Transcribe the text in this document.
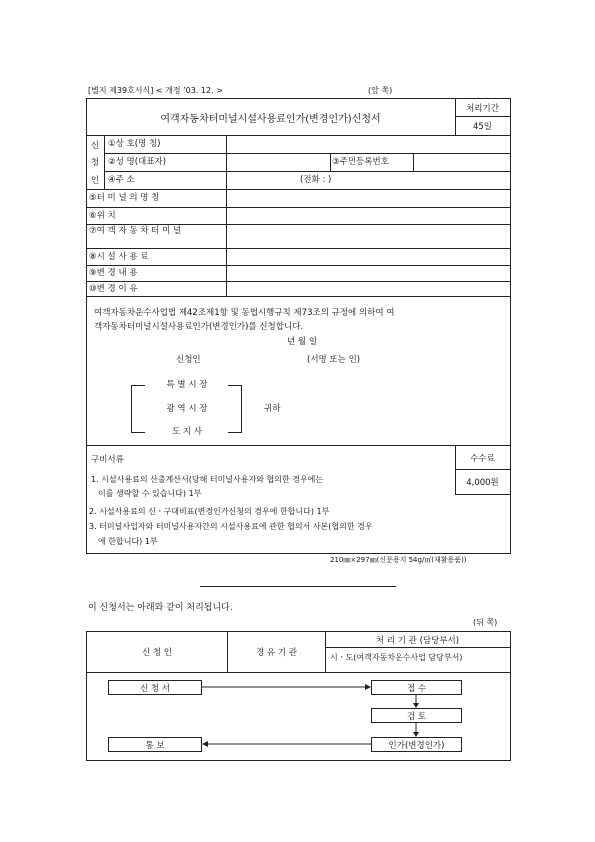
[별지 제39호서식] < 개정 ’03. 12. >	(앞 쪽)
여객자동차터미널시설사용료인가(변경인가)신청서
처리기간
45일
신
청
인
①상 호(명 칭)
②성 명(대표자)	③주민등록번호
④주 소	(전화 : )
⑤터 미 널 의 명 칭
⑥위 치
⑦여 객 자 동 차 터 미 널
⑧시 설 사 용 료
⑨변 경 내 용
⑩변 경 이 유
여객자동차운수사업법 제42조제1항 및 동법시행규칙 제73조의 규정에 의하여 여
객자동차터미널시설사용료인가(변경인가)를 신청합니다.
년 월 일
신청인	(서명 또는 인)
특 별 시 장
광 역 시 장
도 지 사
귀하
구비서류
1. 시설사용료의 산출계산서(당해 터미널사용자와 협의한 경우에는
이를 생략할 수 있습니다) 1부
2. 시설사용료의 신ㆍ구대비표(변경인가신청의 경우에 한합니다) 1부
3. 터미널사업자와 터미널사용자간의 시설사용료에 관한 협의서 사본(협의한 경우
에 한합니다) 1부
수수료
4,000원
210㎜×297㎜(신문용지 54g/㎡(재활용품))
이 신청서는 아래와 같이 처리됩니다.
(뒤 쪽)
신 청 인	경 유 기 관
처 리 기 관 (담당부서)
시ㆍ도(여객자동차운수사업 담당부서)
신 청 서	접 수
검 토
인가(변경인가)
통 보
